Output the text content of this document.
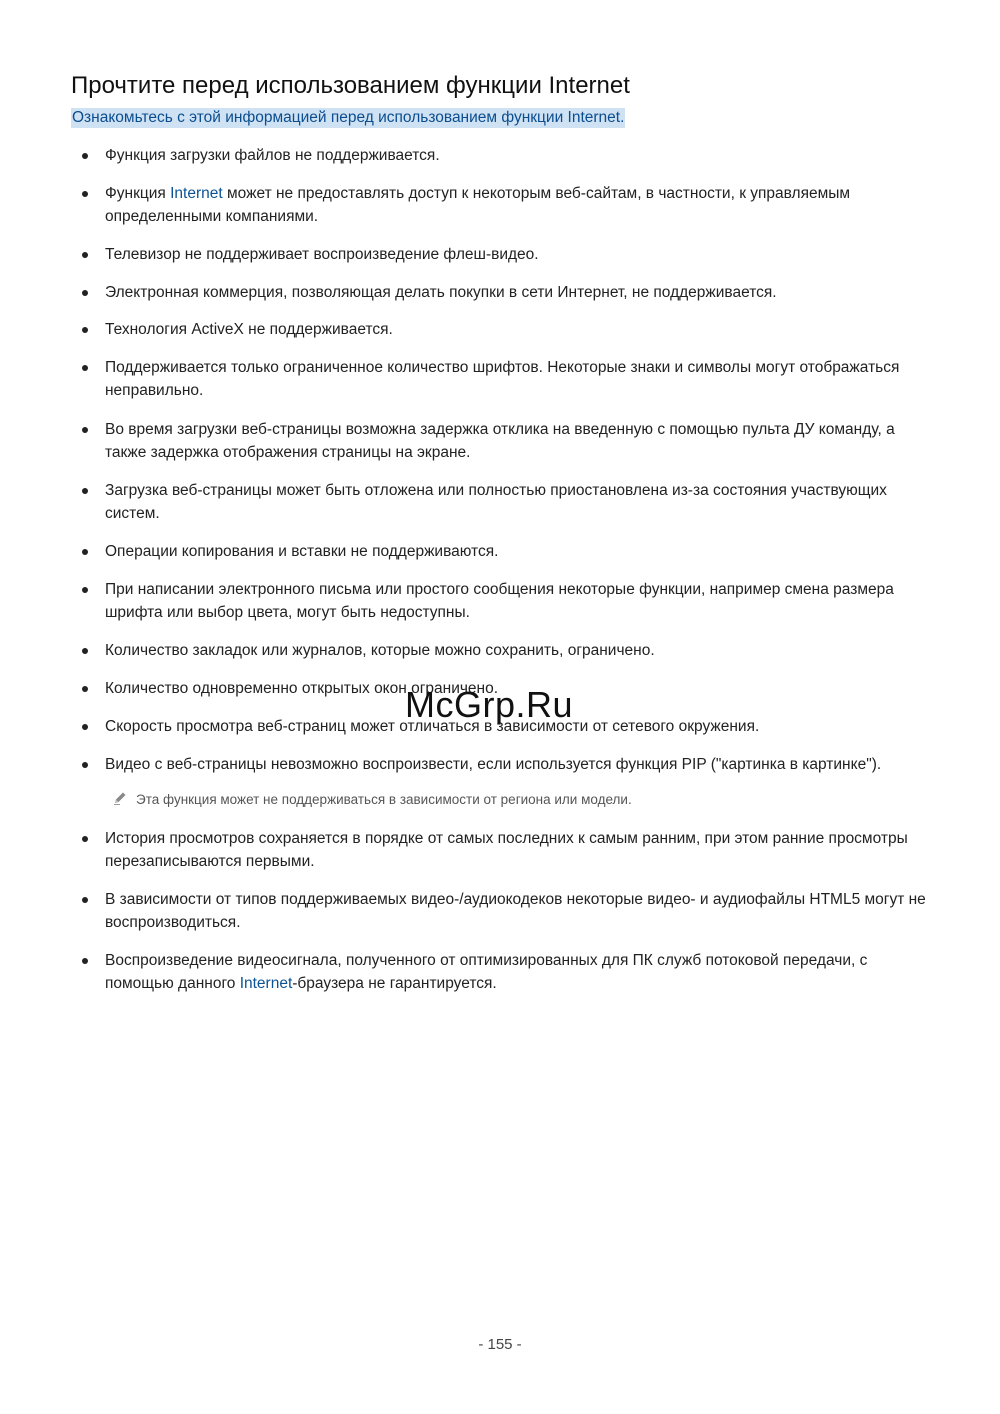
Прочтите перед использованием функции Internet
Ознакомьтесь с этой информацией перед использованием функции Internet.
Функция загрузки файлов не поддерживается.
Функция Internet может не предоставлять доступ к некоторым веб-сайтам, в частности, к управляемым определенными компаниями.
Телевизор не поддерживает воспроизведение флеш-видео.
Электронная коммерция, позволяющая делать покупки в сети Интернет, не поддерживается.
Технология ActiveX не поддерживается.
Поддерживается только ограниченное количество шрифтов. Некоторые знаки и символы могут отображаться неправильно.
Во время загрузки веб-страницы возможна задержка отклика на введенную с помощью пульта ДУ команду, а также задержка отображения страницы на экране.
Загрузка веб-страницы может быть отложена или полностью приостановлена из-за состояния участвующих систем.
Операции копирования и вставки не поддерживаются.
При написании электронного письма или простого сообщения некоторые функции, например смена размера шрифта или выбор цвета, могут быть недоступны.
Количество закладок или журналов, которые можно сохранить, ограничено.
Количество одновременно открытых окон ограничено.
Скорость просмотра веб-страниц может отличаться в зависимости от сетевого окружения.
Видео с веб-страницы невозможно воспроизвести, если используется функция PIP ("картинка в картинке").
История просмотров сохраняется в порядке от самых последних к самым ранним, при этом ранние просмотры перезаписываются первыми.
В зависимости от типов поддерживаемых видео-/аудиокодеков некоторые видео- и аудиофайлы HTML5 могут не воспроизводиться.
Воспроизведение видеосигнала, полученного от оптимизированных для ПК служб потоковой передачи, с помощью данного Internet-браузера не гарантируется.
Эта функция может не поддерживаться в зависимости от региона или модели.
McGrp.Ru
- 155 -
